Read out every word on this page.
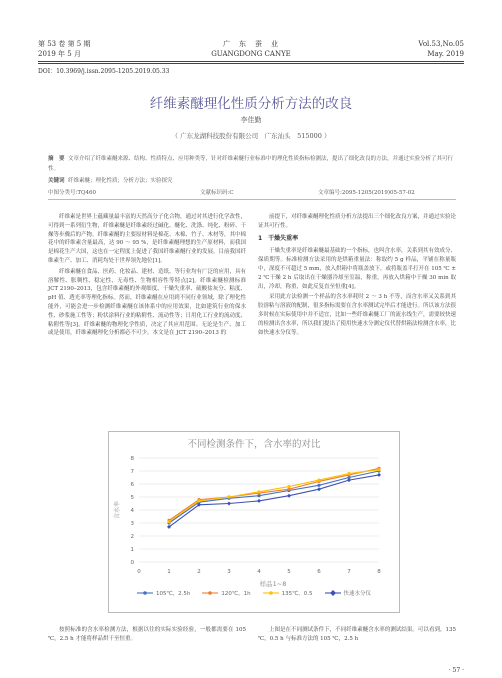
第 53 卷 第 5 期
2019 年 5 月
广　东　蚕　业
GUANGDONG CANYE
Vol.53,No.05
May. 2019
DOI：10.3969/j.issn.2095-1205.2019.05.33
纤维素醚理化性质分析方法的改良
李佳勤
（ 广东龙湖科技股份有限公司　广东汕头　515000 ）
摘　要 文章介绍了纤维素醚来源、结构、性质特点、应用种类等，针对纤维素醚行业标准中的理化性质指标检测法，提出了细化改良的方法，并通过实验分析了其可行性。
关键词 纤维素醚；理化性质；分析方法；实验探究
中图分类号:TQ460	文献标识码:C	文章编号:2095-1205(2019)05-57-02

纤维素是世界上蕴藏量最丰富的天然高分子化合物，通过对其进行化学改性，可得到一系列衍生物，纤维素醚是纤维素经过碱化、醚化、洗涤、纯化、粉碎、干燥等步骤后的产物。纤维素醚的主要原材料是棉花、木棉、竹子、木材等，其中棉花中的纤维素含量最高，达 90 ～ 95 %，是纤维素醚理想的生产原材料，而我国是棉花生产大国，这也在一定程度上促进了我国纤维素醚行业的发展。目前我国纤维素生产、加工、消耗均处于世界领先地位[1]。

纤维素醚在食品、医药、化妆品、建材、造纸、等行业均有广泛的应用，具有溶解性、胀稠性、稳定性、无毒性、生物相容性等特点[2]。纤维素醚检测标准 JCT 2190–2013，包含纤维素醚的外观细度、干燥失重率、硫酸盐灰分、粘度、pH 值、透光率等理化指标。然而，纤维素醚在应用到不同行业领域，除了理化性能外，可能会进一步检测纤维素醚在该体系中的应用效果，比如建筑行业的保水性、砂浆施工性等；粉状涂料行业的粘附性、流动性等；日用化工行业的流动度、粘附性等[3]。纤维素醚的物理化学性质，决定了其应用范围。无论是生产、加工或是使用，纤维素醚理化分析都必不可少。本文是在 JCT 2190–2013 的

前提下，对纤维素醚理化性质分析方法提出三个细化改良方案，并通过实验论证其可行性。

1　干燥失重率

干燥失重率是纤维素醚最基础的一个指标，也叫含水率，关系到其有效成分、保质期等。标准检测方法采用的是烘箱重量法：称取约 5 g 样品，平铺在称量瓶中，深度不可超过 5 mm，放入烘箱中将瓶盖放下，或将瓶盖半打开在 105 ℃ ± 2 ℃干燥 2 h 后取出在干燥器冷却至室温，称重，再放入烘箱中干燥 30 min 取出，冷却，称重，如此反复直至恒重[4]。

采用此方法检测一个样品的含水率耗时 2 ～ 3 h 不等，而含水率又关系到其胶溶粘与溶液的配制，很多指标需要在含水率测试完毕后才能进行。所以该方法很多时候在实际使用中并不适宜，比如一些纤维素醚工厂的流水线生产，需要较快速的检测出含水率，所以我们提出了使用快速水分测定仪代替烘箱法检测含水率，比如快速水分仪等。

不同检测条件下，含水率的对比
0
1
2
3
4
5
6
7
8
0	1	2	3	4	5	6	7	8
样品1~8
含水率
105℃，2.5h	120℃，1h	135℃，0.5	快速水分仪

按照标准的含水率检测方法，根据以往的实际实验经验，一般都需要在 105 ℃，2.5 h 才能将样品烘干至恒重。

上图是在不同测试条件下，不同纤维素醚含水率的测试结果。可以看到，135 ℃，0.5 h 与标准方法的 105 ℃，2.5 h

· 57 ·
